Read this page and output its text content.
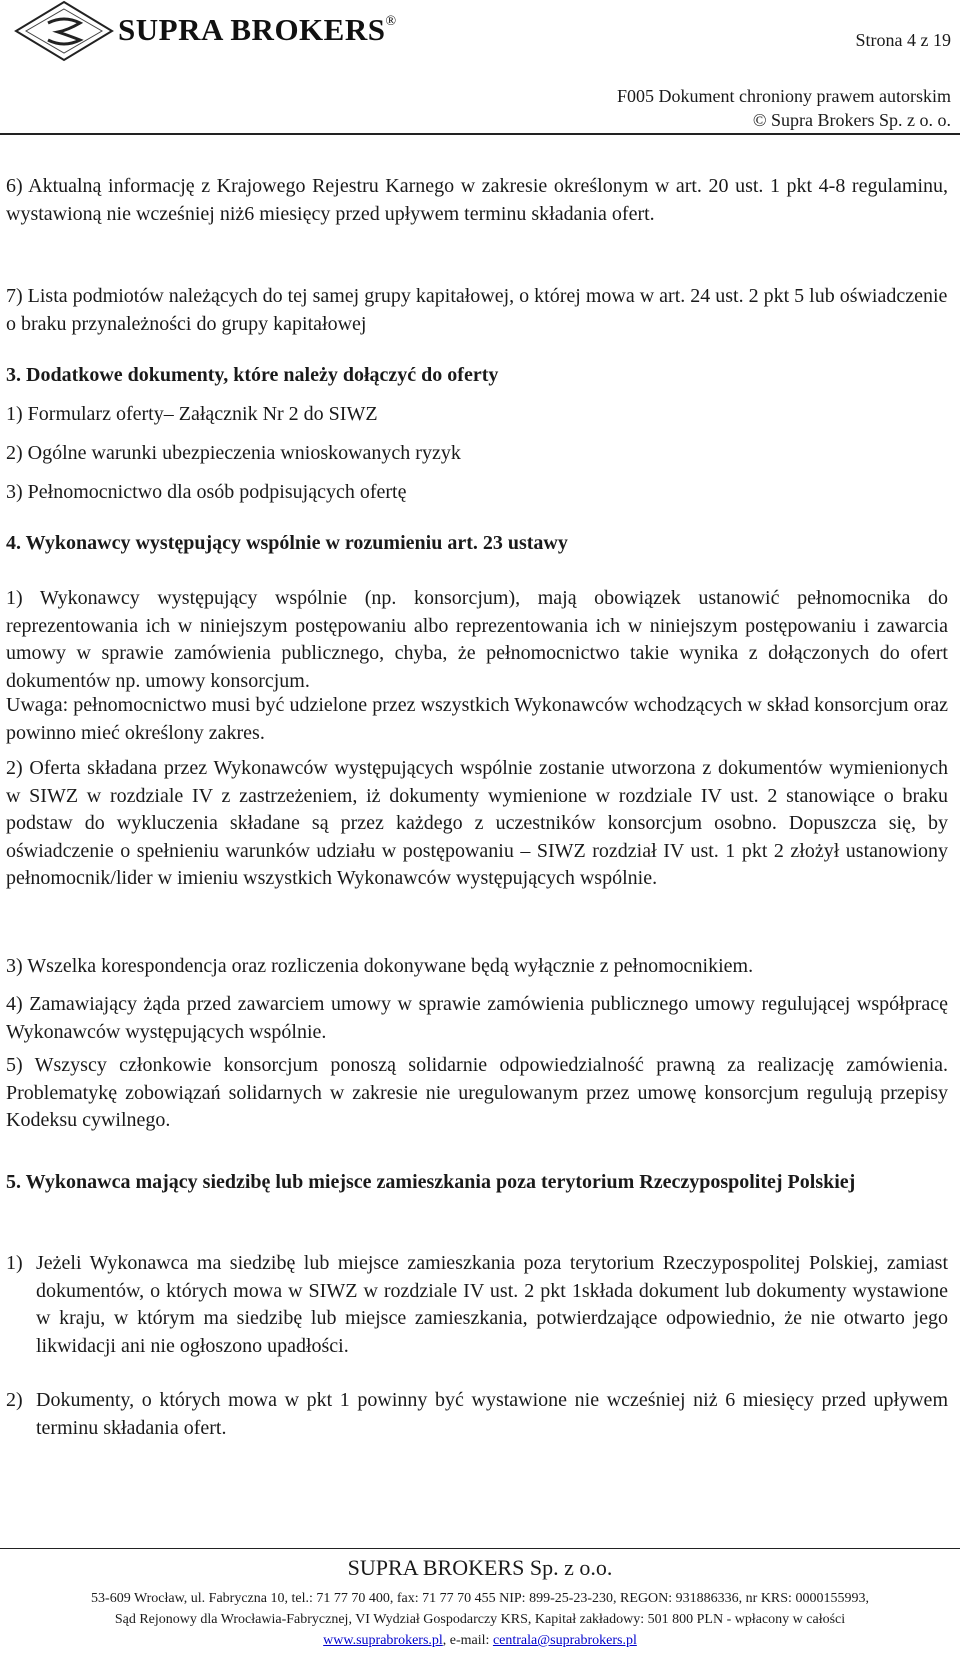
SUPRA BROKERS®
Strona 4 z 19
F005 Dokument chroniony prawem autorskim
© Supra Brokers Sp. z o. o.

6) Aktualną informację z Krajowego Rejestru Karnego w zakresie określonym w art. 20 ust. 1 pkt 4-8 regulaminu, wystawioną nie wcześniej niż6 miesięcy przed upływem terminu składania ofert.

7) Lista podmiotów należących do tej samej grupy kapitałowej, o której mowa w art. 24 ust. 2 pkt 5 lub oświadczenie o braku przynależności do grupy kapitałowej

3. Dodatkowe dokumenty, które należy dołączyć do oferty

1) Formularz oferty– Załącznik Nr 2 do SIWZ

2) Ogólne warunki ubezpieczenia wnioskowanych ryzyk

3) Pełnomocnictwo dla osób podpisujących ofertę

4. Wykonawcy występujący wspólnie w rozumieniu art. 23 ustawy

1) Wykonawcy występujący wspólnie (np. konsorcjum), mają obowiązek ustanowić pełnomocnika do reprezentowania ich w niniejszym postępowaniu albo reprezentowania ich w niniejszym postępowaniu i zawarcia umowy w sprawie zamówienia publicznego, chyba, że pełnomocnictwo takie wynika z dołączonych do ofert dokumentów np. umowy konsorcjum.

Uwaga: pełnomocnictwo musi być udzielone przez wszystkich Wykonawców wchodzących w skład konsorcjum oraz powinno mieć określony zakres.

2) Oferta składana przez Wykonawców występujących wspólnie zostanie utworzona z dokumentów wymienionych w SIWZ w rozdziale IV z zastrzeżeniem, iż dokumenty wymienione w rozdziale IV ust. 2 stanowiące o braku podstaw do wykluczenia składane są przez każdego z uczestników konsorcjum osobno. Dopuszcza się, by oświadczenie o spełnieniu warunków udziału w postępowaniu – SIWZ rozdział IV ust. 1 pkt 2 złożył ustanowiony pełnomocnik/lider w imieniu wszystkich Wykonawców występujących wspólnie.

3) Wszelka korespondencja oraz rozliczenia dokonywane będą wyłącznie z pełnomocnikiem.

4) Zamawiający żąda przed zawarciem umowy w sprawie zamówienia publicznego umowy regulującej współpracę Wykonawców występujących wspólnie.

5) Wszyscy członkowie konsorcjum ponoszą solidarnie odpowiedzialność prawną za realizację zamówienia. Problematykę zobowiązań solidarnych w zakresie nie uregulowanym przez umowę konsorcjum regulują przepisy Kodeksu cywilnego.

5. Wykonawca mający siedzibę lub miejsce zamieszkania poza terytorium Rzeczypospolitej Polskiej

1) Jeżeli Wykonawca ma siedzibę lub miejsce zamieszkania poza terytorium Rzeczypospolitej Polskiej, zamiast dokumentów, o których mowa w SIWZ w rozdziale IV ust. 2 pkt 1składa dokument lub dokumenty wystawione w kraju, w którym ma siedzibę lub miejsce zamieszkania, potwierdzające odpowiednio, że nie otwarto jego likwidacji ani nie ogłoszono upadłości.
2) Dokumenty, o których mowa w pkt 1 powinny być wystawione nie wcześniej niż 6 miesięcy przed upływem terminu składania ofert.
SUPRA BROKERS Sp. z o.o.
53-609 Wrocław, ul. Fabryczna 10, tel.: 71 77 70 400, fax: 71 77 70 455 NIP: 899-25-23-230, REGON: 931886336, nr KRS: 0000155993,
Sąd Rejonowy dla Wrocławia-Fabrycznej, VI Wydział Gospodarczy KRS, Kapitał zakładowy: 501 800 PLN - wpłacony w całości
www.suprabrokers.pl, e-mail: centrala@suprabrokers.pl
